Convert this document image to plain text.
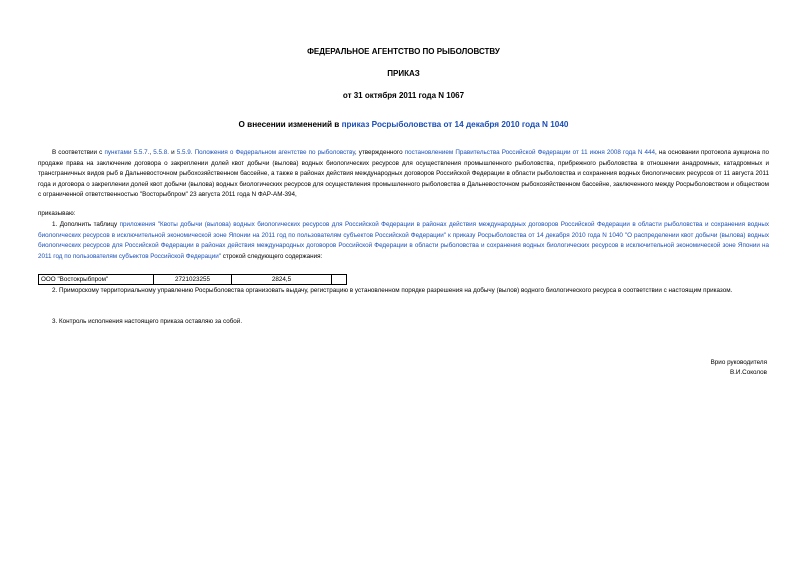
ФЕДЕРАЛЬНОЕ АГЕНТСТВО ПО РЫБОЛОВСТВУ
ПРИКАЗ
от 31 октября 2011 года N 1067
О внесении изменений в приказ Росрыболовства от 14 декабря 2010 года N 1040
В соответствии с пунктами 5.5.7., 5.5.8. и 5.5.9. Положения о Федеральном агентстве по рыболовству, утвержденного постановлением Правительства Российской Федерации от 11 июня 2008 года N 444, на основании протокола аукциона по продаже права на заключение договора о закреплении долей квот добычи (вылова) водных биологических ресурсов для осуществления промышленного рыболовства, прибрежного рыболовства в отношении анадромных, катадромных и трансграничных видов рыб в Дальневосточном рыбохозяйственном бассейне, а также в районах действия международных договоров Российской Федерации в области рыболовства и сохранения водных биологических ресурсов от 11 августа 2011 года и договора о закреплении долей квот добычи (вылова) водных биологических ресурсов для осуществления промышленного рыболовства в Дальневосточном рыбохозяйственном бассейне, заключенного между Росрыболовством и обществом с ограниченной ответственностью "Восторыбпром" 23 августа 2011 года N ФАР-АМ-394,
приказываю:
1. Дополнить таблицу приложения "Квоты добычи (вылова) водных биологических ресурсов для Российской Федерации в районах действия международных договоров Российской Федерации в области рыболовства и сохранения водных биологических ресурсов в исключительной экономической зоне Японии на 2011 год по пользователям субъектов Российской Федерации" к приказу Росрыболовства от 14 декабря 2010 года N 1040 "О распределении квот добычи (вылова) водных биологических ресурсов для Российской Федерации в районах действия международных договоров Российской Федерации в области рыболовства и сохранения водных биологических ресурсов в исключительной экономической зоне Японии на 2011 год по пользователям субъектов Российской Федерации" строкой следующего содержания:
ООО "Востокрыбпром"	2721023255	2824,5	
2. Приморскому территориальному управлению Росрыболовства организовать выдачу, регистрацию в установленном порядке разрешения на добычу (вылов) водного биологического ресурса в соответствии с настоящим приказом.
3. Контроль исполнения настоящего приказа оставляю за собой.
Врио руководителя
В.И.Соколов
